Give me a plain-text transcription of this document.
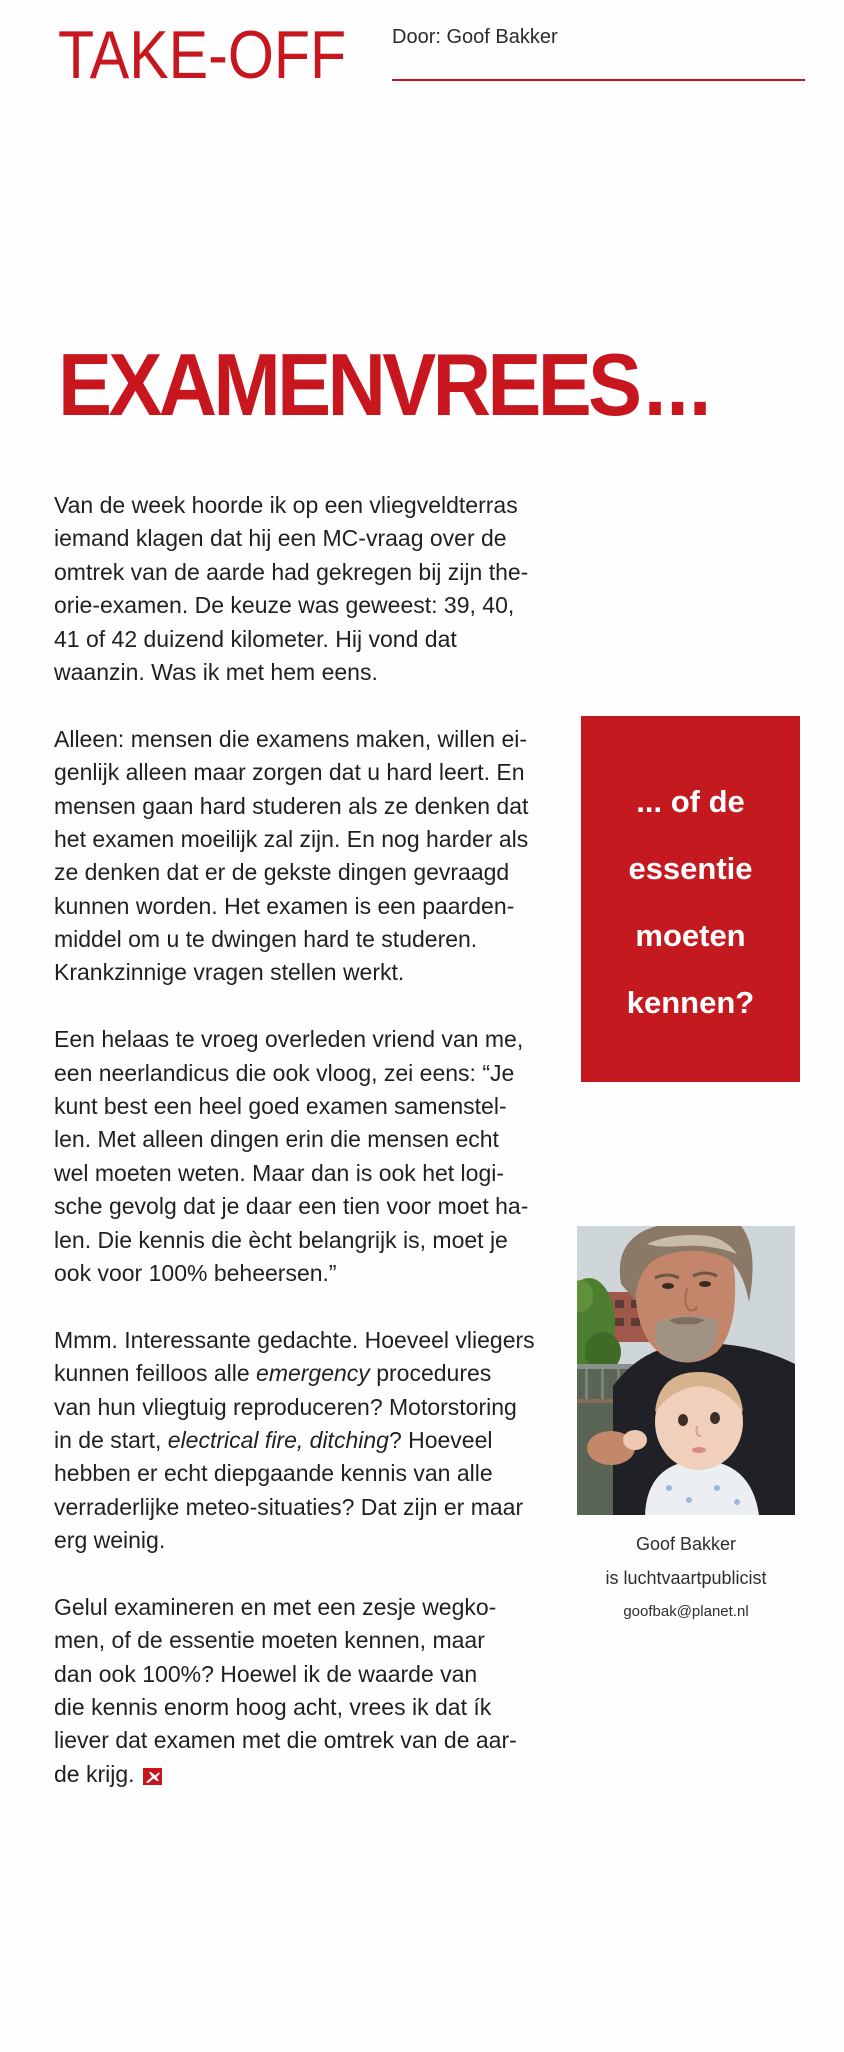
TAKE-OFF Door: Goof Bakker
EXAMENVREES...
Van de week hoorde ik op een vliegveldterras
iemand klagen dat hij een MC-vraag over de
omtrek van de aarde had gekregen bij zijn the-
orie-examen. De keuze was geweest: 39, 40,
41 of 42 duizend kilometer. Hij vond dat
waanzin. Was ik met hem eens.
Alleen: mensen die examens maken, willen ei-
genlijk alleen maar zorgen dat u hard leert. En
mensen gaan hard studeren als ze denken dat
het examen moeilijk zal zijn. En nog harder als
ze denken dat er de gekste dingen gevraagd
kunnen worden. Het examen is een paarden-
middel om u te dwingen hard te studeren.
Krankzinnige vragen stellen werkt.
Een helaas te vroeg overleden vriend van me,
een neerlandicus die ook vloog, zei eens: “Je
kunt best een heel goed examen samenstel-
len. Met alleen dingen erin die mensen echt
wel moeten weten. Maar dan is ook het logi-
sche gevolg dat je daar een tien voor moet ha-
len. Die kennis die ècht belangrijk is, moet je
ook voor 100% beheersen.”
Mmm. Interessante gedachte. Hoeveel vliegers
kunnen feilloos alle emergency procedures
van hun vliegtuig reproduceren? Motorstoring
in de start, electrical fire, ditching? Hoeveel
hebben er echt diepgaande kennis van alle
verraderlijke meteo-situaties? Dat zijn er maar
erg weinig.
Gelul examineren en met een zesje wegko-
men, of de essentie moeten kennen, maar
dan ook 100%? Hoewel ik de waarde van
die kennis enorm hoog acht, vrees ik dat ík
liever dat examen met die omtrek van de aar-
de krijg.
... of de
essentie
moeten
kennen?
Goof Bakker
is luchtvaartpublicist
goofbak@planet.nl
